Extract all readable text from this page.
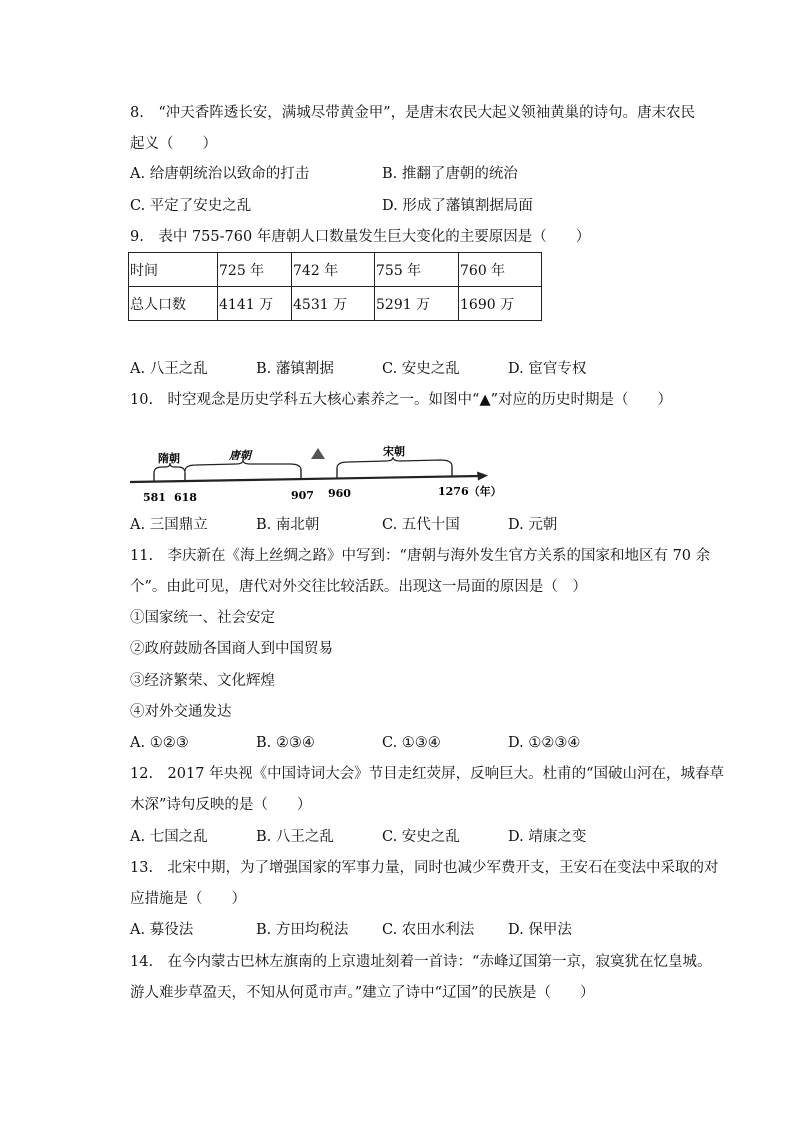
8.　“冲天香阵透长安，满城尽带黄金甲”，是唐末农民大起义领袖黄巢的诗句。唐末农民
起义（　　）
A. 给唐朝统治以致命的打击	B. 推翻了唐朝的统治
C. 平定了安史之乱	D. 形成了藩镇割据局面
9.　表中 755-760 年唐朝人口数量发生巨大变化的主要原因是（　　）
时间	725 年	742 年	755 年	760 年
总人口数	4141 万	4531 万	5291 万	1690 万
A. 八王之乱	B. 藩镇割据	C. 安史之乱	D. 宦官专权
10.　时空观念是历史学科五大核心素养之一。如图中“▲”对应的历史时期是（　　）
隋朝	唐朝	宋朝
581 618	907 960	1276（年）
A. 三国鼎立	B. 南北朝	C. 五代十国	D. 元朝
11.　李庆新在《海上丝绸之路》中写到：“唐朝与海外发生官方关系的国家和地区有 70 余
个”。由此可见，唐代对外交往比较活跃。出现这一局面的原因是（　）
①国家统一、社会安定
②政府鼓励各国商人到中国贸易
③经济繁荣、文化辉煌
④对外交通发达
A. ①②③	B. ②③④	C. ①③④	D. ①②③④
12.　2017 年央视《中国诗词大会》节目走红荧屏，反响巨大。杜甫的“国破山河在，城春草
木深”诗句反映的是（　　）
A. 七国之乱	B. 八王之乱	C. 安史之乱	D. 靖康之变
13.　北宋中期，为了增强国家的军事力量，同时也减少军费开支，王安石在变法中采取的对
应措施是（　　）
A. 募役法	B. 方田均税法 C. 农田水利法 D. 保甲法
14.　在今内蒙古巴林左旗南的上京遗址刻着一首诗：“赤峰辽国第一京，寂寞犹在忆皇城。
游人难步草盈天，不知从何觅市声。”建立了诗中“辽国”的民族是（　　）
